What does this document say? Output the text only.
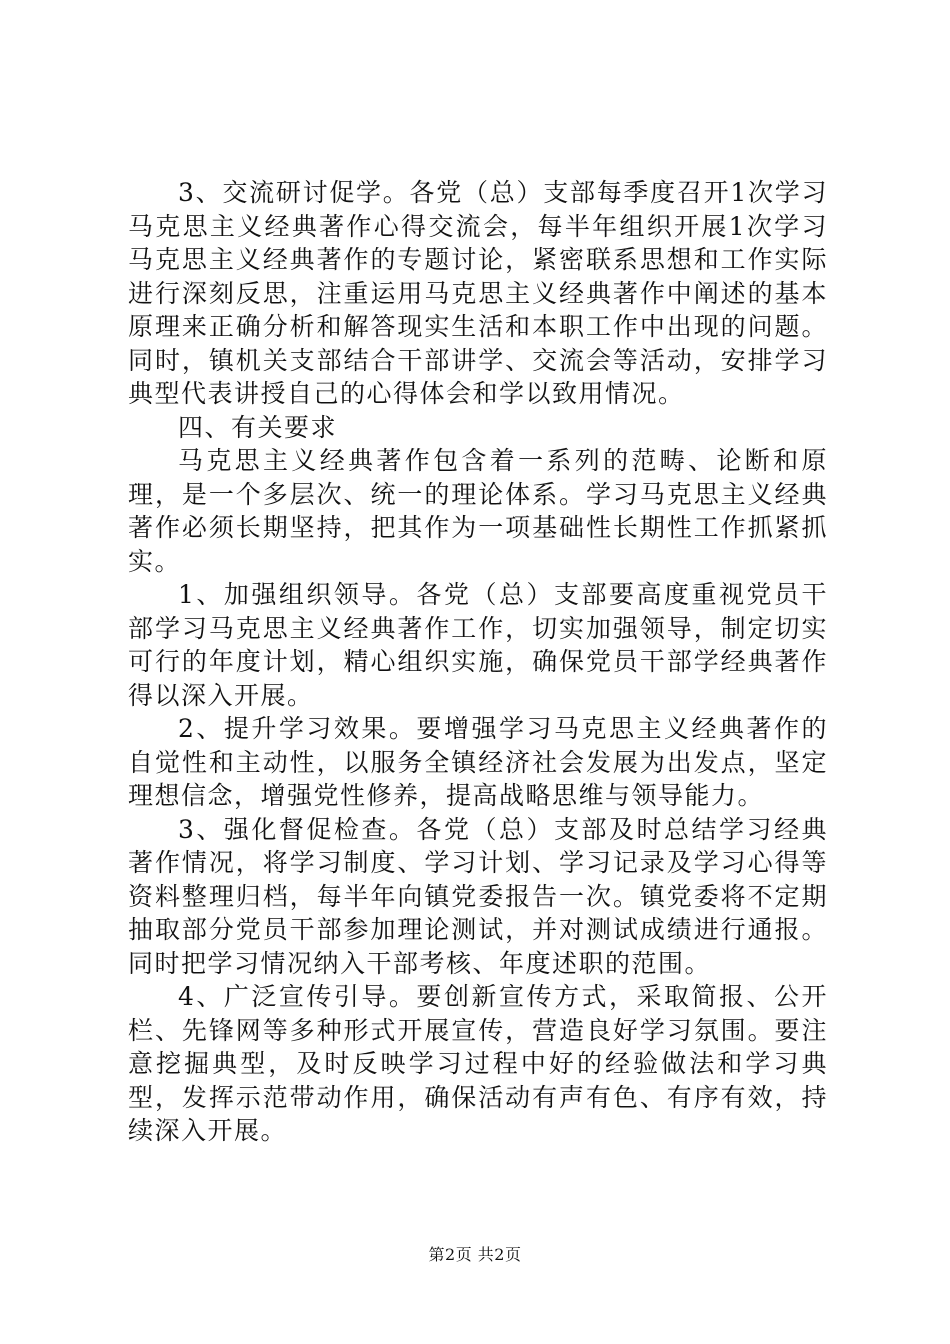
3、交流研讨促学。各党（总）支部每季度召开1次学习马克思主义经典著作心得交流会，每半年组织开展1次学习马克思主义经典著作的专题讨论，紧密联系思想和工作实际进行深刻反思，注重运用马克思主义经典著作中阐述的基本原理来正确分析和解答现实生活和本职工作中出现的问题。同时，镇机关支部结合干部讲学、交流会等活动，安排学习典型代表讲授自己的心得体会和学以致用情况。

四、有关要求

马克思主义经典著作包含着一系列的范畴、论断和原理，是一个多层次、统一的理论体系。学习马克思主义经典著作必须长期坚持，把其作为一项基础性长期性工作抓紧抓实。

1、加强组织领导。各党（总）支部要高度重视党员干部学习马克思主义经典著作工作，切实加强领导，制定切实可行的年度计划，精心组织实施，确保党员干部学经典著作得以深入开展。

2、提升学习效果。要增强学习马克思主义经典著作的自觉性和主动性，以服务全镇经济社会发展为出发点，坚定理想信念，增强党性修养，提高战略思维与领导能力。

3、强化督促检查。各党（总）支部及时总结学习经典著作情况，将学习制度、学习计划、学习记录及学习心得等资料整理归档，每半年向镇党委报告一次。镇党委将不定期抽取部分党员干部参加理论测试，并对测试成绩进行通报。同时把学习情况纳入干部考核、年度述职的范围。

4、广泛宣传引导。要创新宣传方式，采取简报、公开栏、先锋网等多种形式开展宣传，营造良好学习氛围。要注意挖掘典型，及时反映学习过程中好的经验做法和学习典型，发挥示范带动作用，确保活动有声有色、有序有效，持续深入开展。

第2页 共2页
